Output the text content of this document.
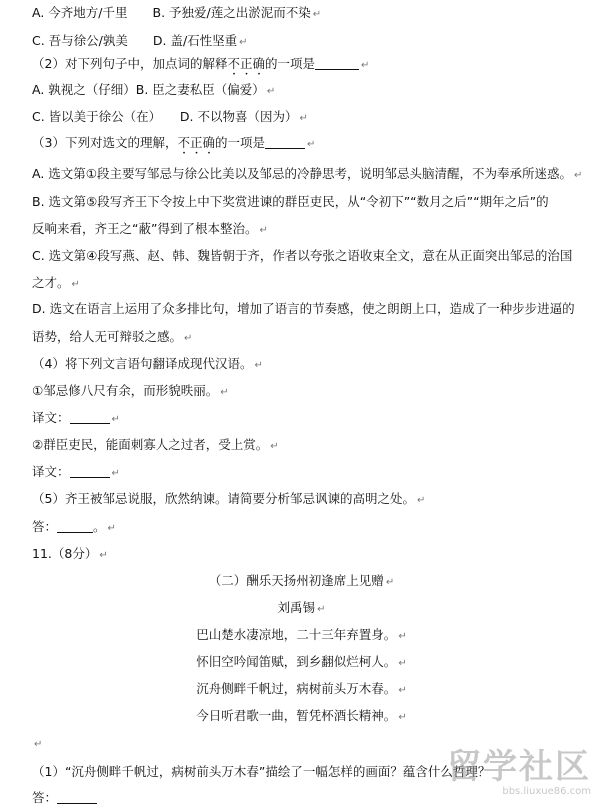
A. 今齐地方/千里　　B. 予独爱/莲之出淤泥而不染 ↵
C. 吾与徐公/孰美　　D. 盖/石性坚重 ↵
（2）对下列句子中，加点词的解释不正确的一项是	↵
A. 孰视之（仔细）B. 臣之妻私臣（偏爱） ↵
C. 皆以美于徐公（在）　　D. 不以物喜（因为） ↵
（3）下列对选文的理解，不正确的一项是	↵
A. 选文第①段主要写邹忌与徐公比美以及邹忌的冷静思考，说明邹忌头脑清醒，不为奉承所迷惑。 ↵
B. 选文第⑤段写齐王下令按上中下奖赏进谏的群臣吏民，从“令初下”“数月之后”“期年之后”的
反响来看，齐王之“蔽”得到了根本整治。 ↵
C. 选文第④段写燕、赵、韩、魏皆朝于齐，作者以夸张之语收束全文，意在从正面突出邹忌的治国
之才。 ↵
D. 选文在语言上运用了众多排比句，增加了语言的节奏感，使之朗朗上口，造成了一种步步进逼的
语势，给人无可辩驳之感。 ↵
（4）将下列文言语句翻译成现代汉语。 ↵
①邹忌修八尺有余，而形貌昳丽。 ↵
译文：	↵
②群臣吏民，能面刺寡人之过者，受上赏。 ↵
译文：	↵
（5）齐王被邹忌说服，欣然纳谏。请简要分析邹忌讽谏的高明之处。 ↵
答：	。 ↵
11.（8分） ↵
（二）酬乐天扬州初逢席上见赠 ↵
刘禹锡 ↵
巴山楚水凄凉地，二十三年弃置身。 ↵
怀旧空吟闻笛赋，到乡翻似烂柯人。 ↵
沉舟侧畔千帆过，病树前头万木春。 ↵
今日听君歌一曲，暂凭杯酒长精神。 ↵
↵
（1）“沉舟侧畔千帆过，病树前头万木春”描绘了一幅怎样的画面？蕴含什么哲理？
答：
留学社区
bbs.liuxue86.com
